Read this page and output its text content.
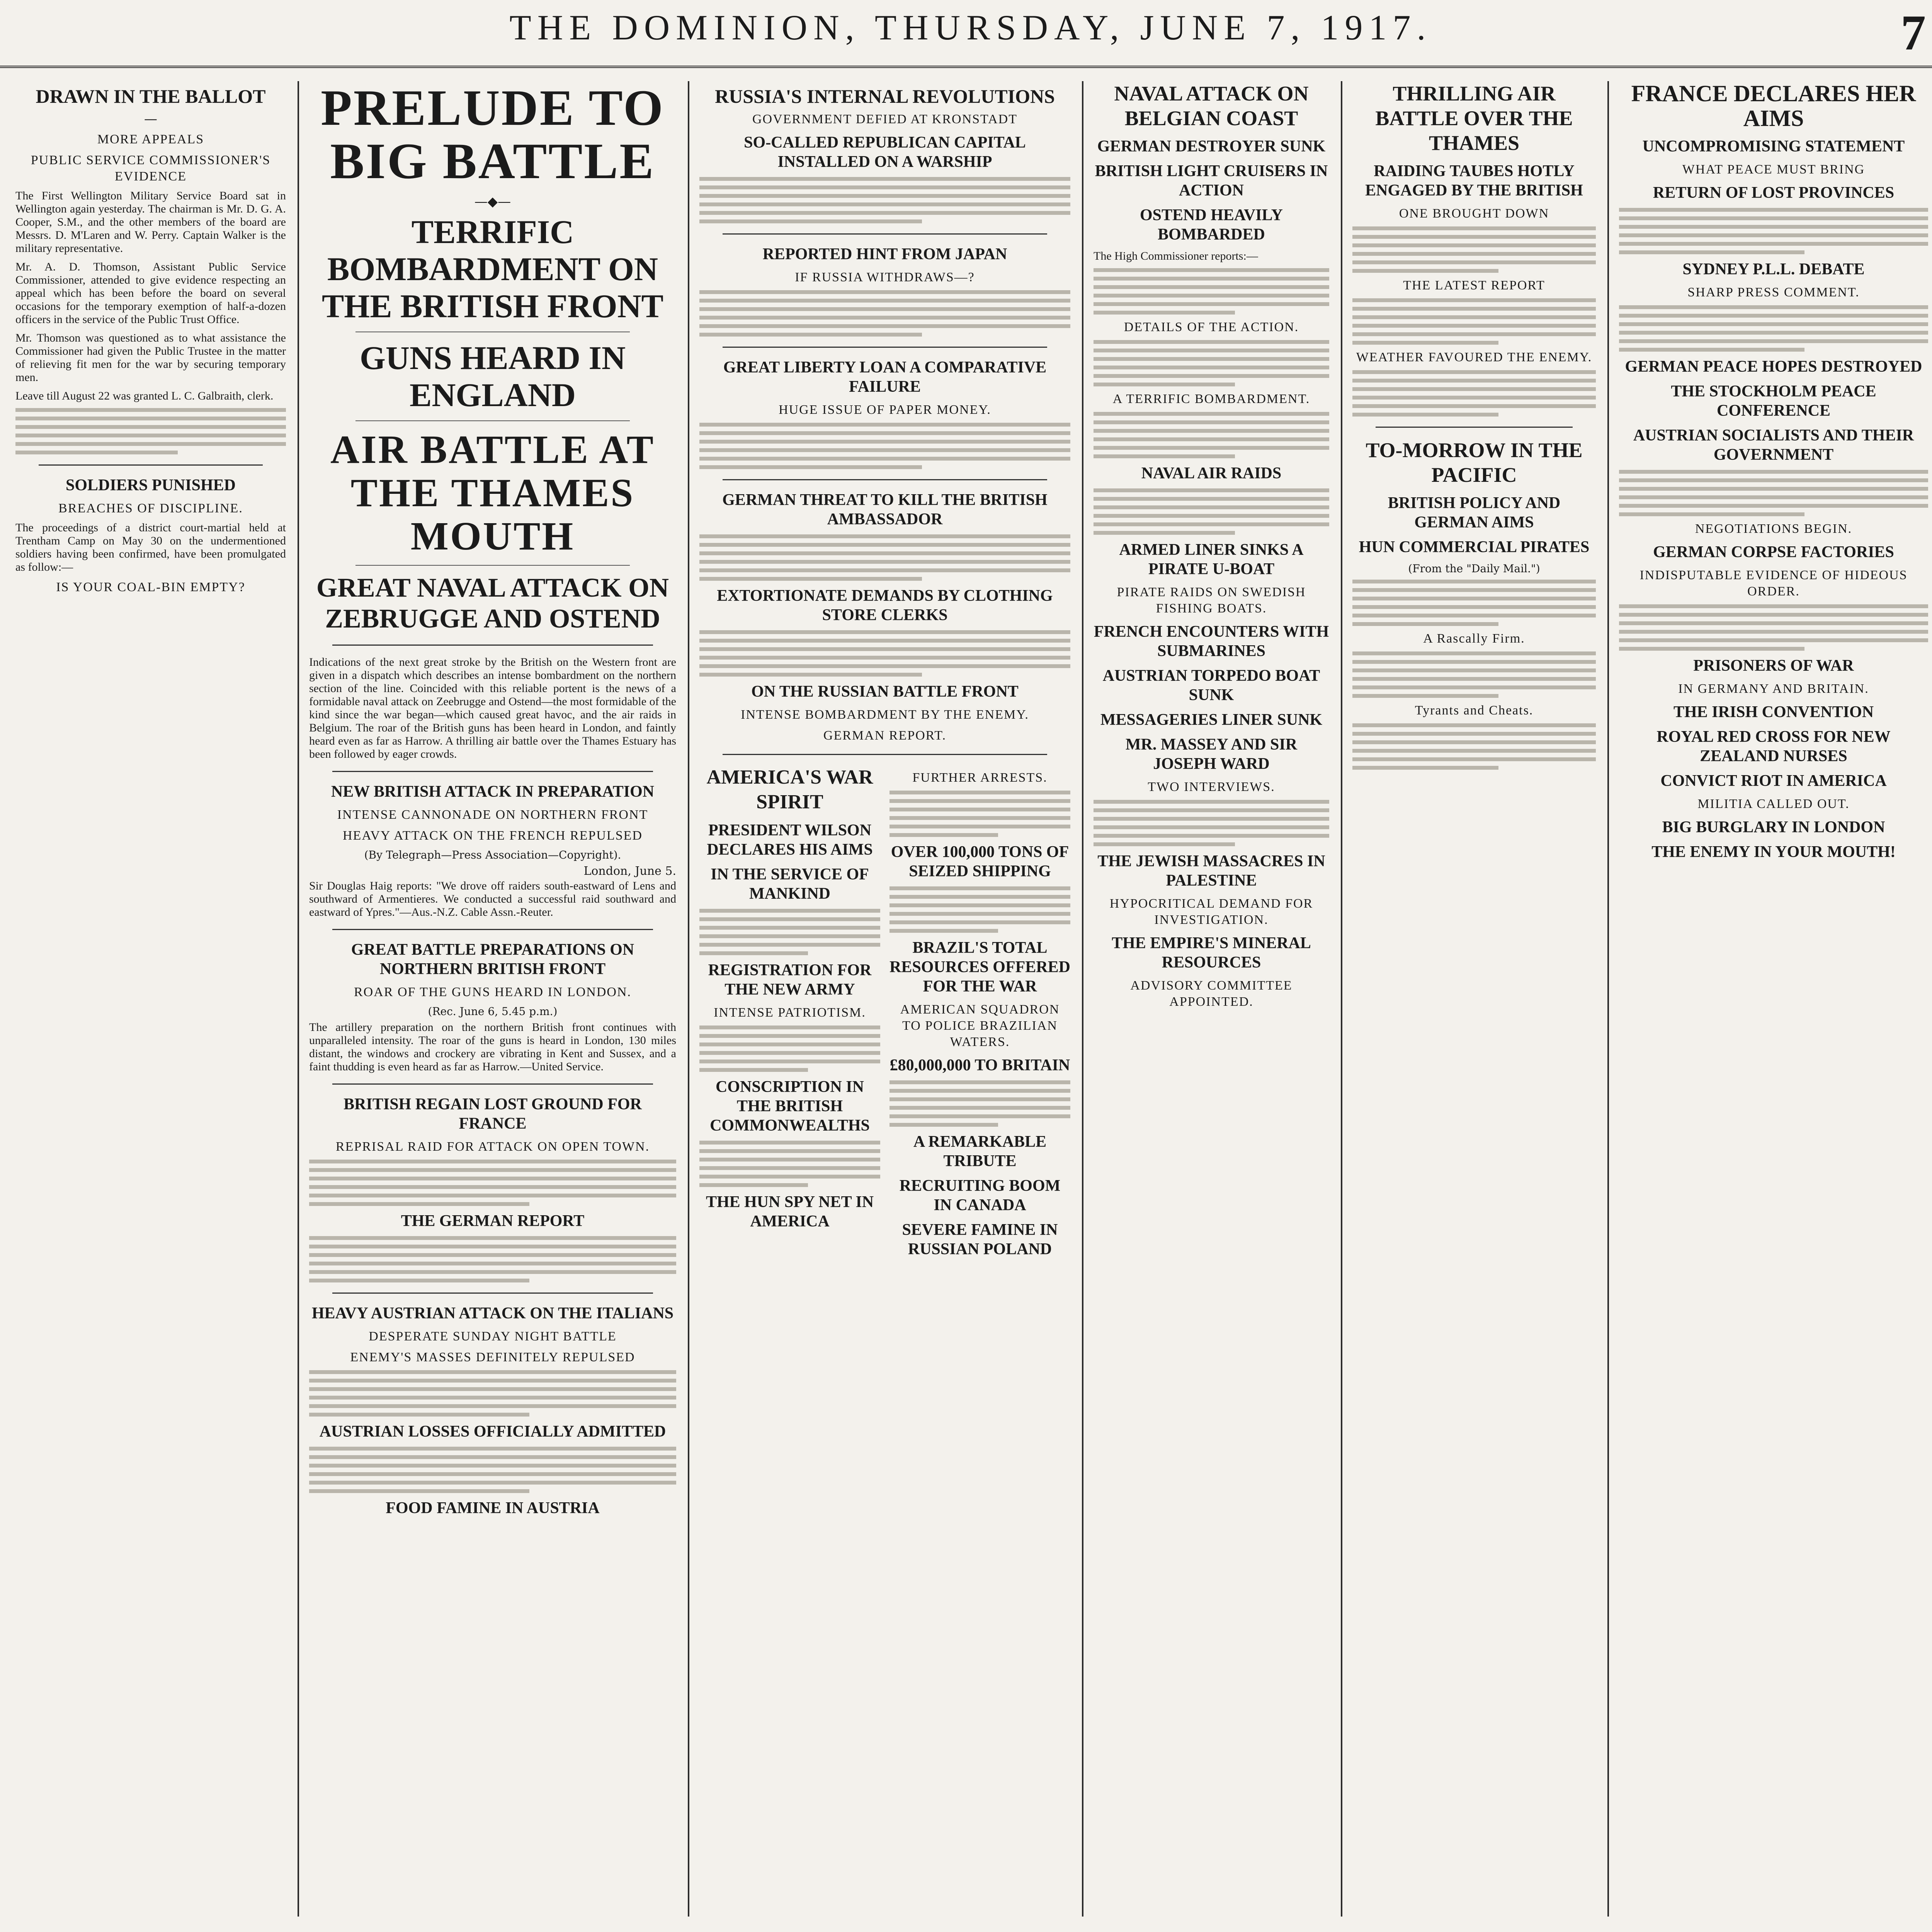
THE DOMINION, THURSDAY, JUNE 7, 1917.	7
DRAWN IN THE BALLOT
—
MORE APPEALS
PUBLIC SERVICE COMMISSIONER'S EVIDENCE

The First Wellington Military Service Board sat in Wellington again yesterday. The chairman is Mr. D. G. A. Cooper, S.M., and the other members of the board are Messrs. D. M'Laren and W. Perry. Captain Walker is the military representative.

Mr. A. D. Thomson, Assistant Public Service Commissioner, attended to give evidence respecting an appeal which has been before the board on several occasions for the temporary exemption of half-a-dozen officers in the service of the Public Trust Office.

Mr. Thomson was questioned as to what assistance the Commissioner had given the Public Trustee in the matter of relieving fit men for the war by securing temporary men.

Leave till August 22 was granted L. C. Galbraith, clerk.

SOLDIERS PUNISHED
BREACHES OF DISCIPLINE.

The proceedings of a district court-martial held at Trentham Camp on May 30 on the undermentioned soldiers having been confirmed, have been promulgated as follow:—

IS YOUR COAL-BIN EMPTY?
PRELUDE TO BIG BATTLE
—◆—
TERRIFIC BOMBARDMENT ON THE BRITISH FRONT
GUNS HEARD IN ENGLAND
AIR BATTLE AT THE THAMES MOUTH
GREAT NAVAL ATTACK ON ZEBRUGGE AND OSTEND

Indications of the next great stroke by the British on the Western front are given in a dispatch which describes an intense bombardment on the northern section of the line. Coincided with this reliable portent is the news of a formidable naval attack on Zeebrugge and Ostend—the most formidable of the kind since the war began—which caused great havoc, and the air raids in Belgium. The roar of the British guns has been heard in London, and faintly heard even as far as Harrow. A thrilling air battle over the Thames Estuary has been followed by eager crowds.

NEW BRITISH ATTACK IN PREPARATION
INTENSE CANNONADE ON NORTHERN FRONT
HEAVY ATTACK ON THE FRENCH REPULSED
(By Telegraph—Press Association—Copyright).
London, June 5.

Sir Douglas Haig reports: "We drove off raiders south-eastward of Lens and southward of Armentieres. We conducted a successful raid southward and eastward of Ypres."—Aus.-N.Z. Cable Assn.-Reuter.

GREAT BATTLE PREPARATIONS ON NORTHERN BRITISH FRONT
ROAR OF THE GUNS HEARD IN LONDON.
(Rec. June 6, 5.45 p.m.)

The artillery preparation on the northern British front continues with unparalleled intensity. The roar of the guns is heard in London, 130 miles distant, the windows and crockery are vibrating in Kent and Sussex, and a faint thudding is even heard as far as Harrow.—United Service.

BRITISH REGAIN LOST GROUND FOR FRANCE
REPRISAL RAID FOR ATTACK ON OPEN TOWN.
THE GERMAN REPORT
HEAVY AUSTRIAN ATTACK ON THE ITALIANS
DESPERATE SUNDAY NIGHT BATTLE
ENEMY'S MASSES DEFINITELY REPULSED
AUSTRIAN LOSSES OFFICIALLY ADMITTED
FOOD FAMINE IN AUSTRIA
RUSSIA'S INTERNAL REVOLUTIONS
GOVERNMENT DEFIED AT KRONSTADT
SO-CALLED REPUBLICAN CAPITAL INSTALLED ON A WARSHIP
REPORTED HINT FROM JAPAN
IF RUSSIA WITHDRAWS—?
GREAT LIBERTY LOAN A COMPARATIVE FAILURE
HUGE ISSUE OF PAPER MONEY.
GERMAN THREAT TO KILL THE BRITISH AMBASSADOR
EXTORTIONATE DEMANDS BY CLOTHING STORE CLERKS
ON THE RUSSIAN BATTLE FRONT
INTENSE BOMBARDMENT BY THE ENEMY.
GERMAN REPORT.
AMERICA'S WAR SPIRIT
PRESIDENT WILSON DECLARES HIS AIMS
IN THE SERVICE OF MANKIND
REGISTRATION FOR THE NEW ARMY
INTENSE PATRIOTISM.
CONSCRIPTION IN THE BRITISH COMMONWEALTHS
THE HUN SPY NET IN AMERICA
FURTHER ARRESTS.
OVER 100,000 TONS OF SEIZED SHIPPING
BRAZIL'S TOTAL RESOURCES OFFERED FOR THE WAR
AMERICAN SQUADRON TO POLICE BRAZILIAN WATERS.
£80,000,000 TO BRITAIN
A REMARKABLE TRIBUTE
RECRUITING BOOM IN CANADA
SEVERE FAMINE IN RUSSIAN POLAND
NAVAL ATTACK ON BELGIAN COAST
GERMAN DESTROYER SUNK
BRITISH LIGHT CRUISERS IN ACTION
OSTEND HEAVILY BOMBARDED

The High Commissioner reports:—

DETAILS OF THE ACTION.
A TERRIFIC BOMBARDMENT.
NAVAL AIR RAIDS
ARMED LINER SINKS A PIRATE U-BOAT
PIRATE RAIDS ON SWEDISH FISHING BOATS.
FRENCH ENCOUNTERS WITH SUBMARINES
AUSTRIAN TORPEDO BOAT SUNK
MESSAGERIES LINER SUNK
MR. MASSEY AND SIR JOSEPH WARD
TWO INTERVIEWS.
THE JEWISH MASSACRES IN PALESTINE
HYPOCRITICAL DEMAND FOR INVESTIGATION.
THE EMPIRE'S MINERAL RESOURCES
ADVISORY COMMITTEE APPOINTED.
THRILLING AIR BATTLE OVER THE THAMES
RAIDING TAUBES HOTLY ENGAGED BY THE BRITISH
ONE BROUGHT DOWN
THE LATEST REPORT
WEATHER FAVOURED THE ENEMY.
TO-MORROW IN THE PACIFIC
BRITISH POLICY AND GERMAN AIMS
HUN COMMERCIAL PIRATES
(From the "Daily Mail.")
A Rascally Firm.
Tyrants and Cheats.
FRANCE DECLARES HER AIMS
UNCOMPROMISING STATEMENT
WHAT PEACE MUST BRING
RETURN OF LOST PROVINCES
SYDNEY P.L.L. DEBATE
SHARP PRESS COMMENT.
GERMAN PEACE HOPES DESTROYED
THE STOCKHOLM PEACE CONFERENCE
AUSTRIAN SOCIALISTS AND THEIR GOVERNMENT
NEGOTIATIONS BEGIN.
GERMAN CORPSE FACTORIES
INDISPUTABLE EVIDENCE OF HIDEOUS ORDER.
PRISONERS OF WAR
IN GERMANY AND BRITAIN.
THE IRISH CONVENTION
ROYAL RED CROSS FOR NEW ZEALAND NURSES
CONVICT RIOT IN AMERICA
MILITIA CALLED OUT.
BIG BURGLARY IN LONDON
THE ENEMY IN YOUR MOUTH!
